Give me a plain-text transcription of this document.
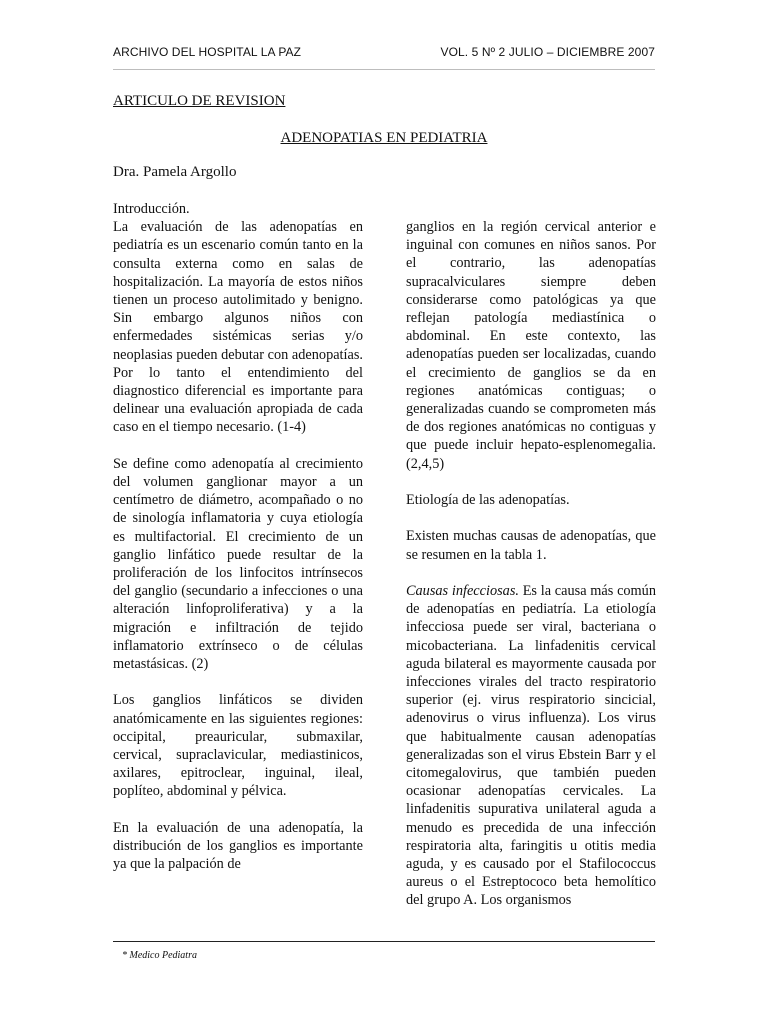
ARCHIVO DEL HOSPITAL LA PAZ	VOL. 5 Nº 2 JULIO – DICIEMBRE 2007
ARTICULO DE REVISION
ADENOPATIAS EN PEDIATRIA
Dra. Pamela Argollo

Introducción.

La evaluación de las adenopatías en pediatría es un escenario común tanto en la consulta externa como en salas de hospitalización. La mayoría de estos niños tienen un proceso autolimitado y benigno. Sin embargo algunos niños con enfermedades sistémicas serias y/o neoplasias pueden debutar con adenopatías. Por lo tanto el entendimiento del diagnostico diferencial es importante para delinear una evaluación apropiada de cada caso en el tiempo necesario. (1-4)

Se define como adenopatía al crecimiento del volumen ganglionar mayor a un centímetro de diámetro, acompañado o no de sinología inflamatoria y cuya etiología es multifactorial. El crecimiento de un ganglio linfático puede resultar de la proliferación de los linfocitos intrínsecos del ganglio (secundario a infecciones o una alteración linfoproliferativa) y a la migración e infiltración de tejido inflamatorio extrínseco o de células metastásicas. (2)

Los ganglios linfáticos se dividen anatómicamente en las siguientes regiones: occipital, preauricular, submaxilar, cervical, supraclavicular, mediastinicos, axilares, epitroclear, inguinal, ileal, poplíteo, abdominal y pélvica.

En la evaluación de una adenopatía, la distribución de los ganglios es importante ya que la palpación de

ganglios en la región cervical anterior e inguinal con comunes en niños sanos. Por el contrario, las adenopatías supracalviculares siempre deben considerarse como patológicas ya que reflejan patología mediastínica o abdominal. En este contexto, las adenopatías pueden ser localizadas, cuando el crecimiento de ganglios se da en regiones anatómicas contiguas; o generalizadas cuando se comprometen más de dos regiones anatómicas no contiguas y que puede incluir hepato-esplenomegalia. (2,4,5)

Etiología de las adenopatías.

Existen muchas causas de adenopatías, que se resumen en la tabla 1.

Causas infecciosas. Es la causa más común de adenopatías en pediatría. La etiología infecciosa puede ser viral, bacteriana o micobacteriana. La linfadenitis cervical aguda bilateral es mayormente causada por infecciones virales del tracto respiratorio superior (ej. virus respiratorio sincicial, adenovirus o virus influenza). Los virus que habitualmente causan adenopatías generalizadas son el virus Ebstein Barr y el citomegalovirus, que también pueden ocasionar adenopatías cervicales. La linfadenitis supurativa unilateral aguda a menudo es precedida de una infección respiratoria alta, faringitis u otitis media aguda, y es causado por el Stafilococcus aureus o el Estreptococo beta hemolítico del grupo A. Los organismos

* Medico Pediatra
